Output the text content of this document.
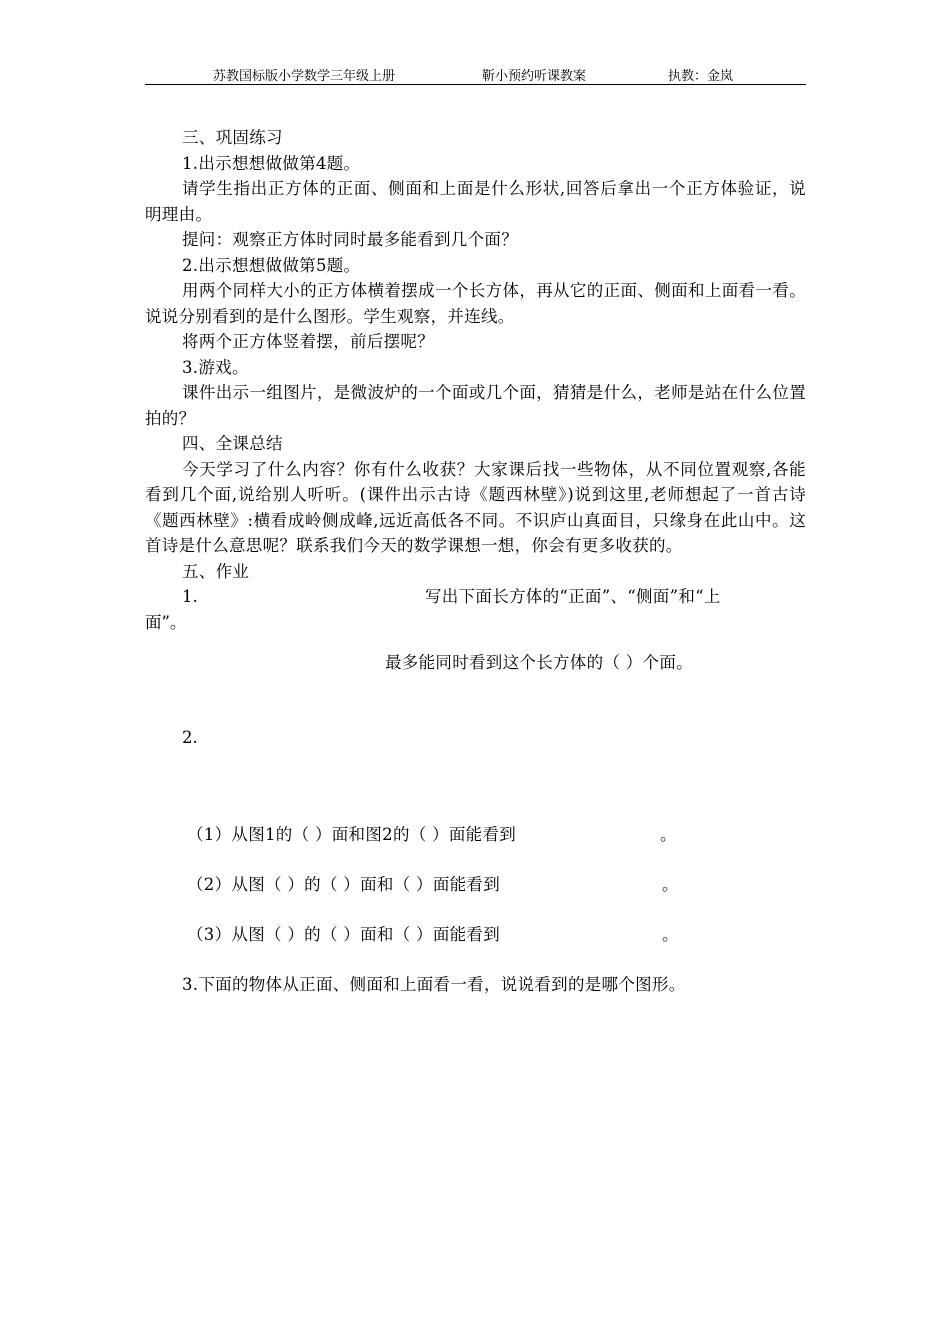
苏教国标版小学数学三年级上册	靳小预约听课教案	执教：金岚

三、巩固练习

1.出示想想做做第4题。

请学生指出正方体的正面、侧面和上面是什么形状,回答后拿出一个正方体验证，说明理由。

提问：观察正方体时同时最多能看到几个面？

2.出示想想做做第5题。

用两个同样大小的正方体横着摆成一个长方体，再从它的正面、侧面和上面看一看。说说分别看到的是什么图形。学生观察，并连线。

将两个正方体竖着摆，前后摆呢？

3.游戏。

课件出示一组图片，是微波炉的一个面或几个面，猜猜是什么，老师是站在什么位置拍的？

四、全课总结

今天学习了什么内容？你有什么收获？大家课后找一些物体，从不同位置观察,各能看到几个面,说给别人听听。(课件出示古诗《题西林壁》)说到这里,老师想起了一首古诗《题西林壁》:横看成岭侧成峰,远近高低各不同。不识庐山真面目，只缘身在此山中。这首诗是什么意思呢？联系我们今天的数学课想一想，你会有更多收获的。

五、作业

1.	写出下面长方体的“正面”、“侧面”和“上
面”。
最多能同时看到这个长方体的（ ）个面。
2.
（1）从图1的（ ）面和图2的（ ）面能看到	。
（2）从图（ ）的（ ）面和（ ）面能看到	。
（3）从图（ ）的（ ）面和（ ）面能看到	。
3.下面的物体从正面、侧面和上面看一看，说说看到的是哪个图形。
